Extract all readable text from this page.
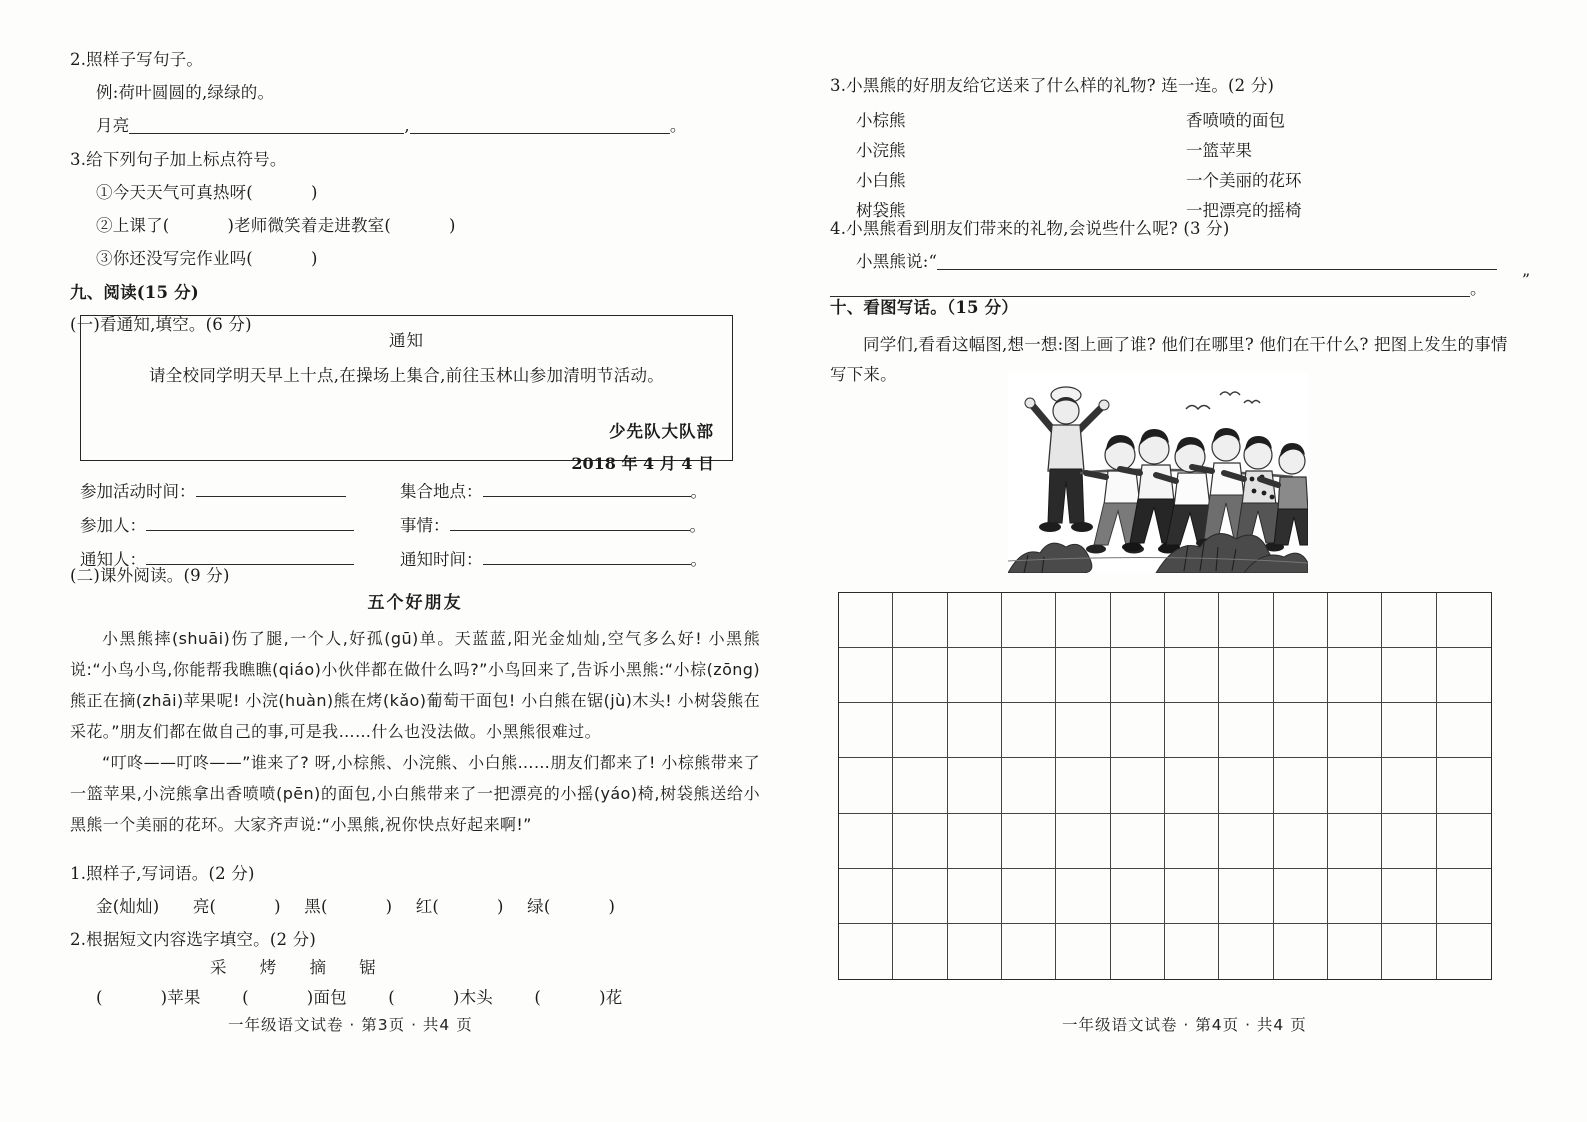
2.照样子写句子。
例:荷叶圆圆的,绿绿的。
月亮	,	。
3.给下列句子加上标点符号。
①今天天气可真热呀(	)
②上课了(	)老师微笑着走进教室(	)
③你还没写完作业吗(	)
九、阅读(15 分)
(一)看通知,填空。(6 分)
通知
请全校同学明天早上十点,在操场上集合,前往玉林山参加清明节活动。
少先队大队部
2018 年 4 月 4 日
参加活动时间：	集合地点：	。
参加人：	事情：	。
通知人：	通知时间：	。
(二)课外阅读。(9 分)
五个好朋友

小黑熊摔(shuāi)伤了腿,一个人,好孤(gū)单。天蓝蓝,阳光金灿灿,空气多么好! 小黑熊说:“小鸟小鸟,你能帮我瞧瞧(qiáo)小伙伴都在做什么吗?”小鸟回来了,告诉小黑熊:“小棕(zōng)熊正在摘(zhāi)苹果呢! 小浣(huàn)熊在烤(kǎo)葡萄干面包! 小白熊在锯(jù)木头! 小树袋熊在采花。”朋友们都在做自己的事,可是我……什么也没法做。小黑熊很难过。

“叮咚——叮咚——”谁来了? 呀,小棕熊、小浣熊、小白熊……朋友们都来了! 小棕熊带来了一篮苹果,小浣熊拿出香喷喷(pēn)的面包,小白熊带来了一把漂亮的小摇(yáo)椅,树袋熊送给小黑熊一个美丽的花环。大家齐声说:“小黑熊,祝你快点好起来啊!”

1.照样子,写词语。(2 分)
金(灿灿) 亮(	) 黑(	) 红(	) 绿(	)
2.根据短文内容选字填空。(2 分)
采 烤 摘 锯
(	)苹果	(	)面包	(	)木头	(	)花
3.小黑熊的好朋友给它送来了什么样的礼物? 连一连。(2 分)
小棕熊	香喷喷的面包
小浣熊	一篮苹果
小白熊	一个美丽的花环
树袋熊	一把漂亮的摇椅
4.小黑熊看到朋友们带来的礼物,会说些什么呢? (3 分)
小黑熊说:“
”
。
十、看图写话。（15 分）
同学们,看看这幅图,想一想:图上画了谁? 他们在哪里? 他们在干什么? 把图上发生的事情写下来。
一年级语文试卷 · 第3页 · 共4 页	一年级语文试卷 · 第4页 · 共4 页
